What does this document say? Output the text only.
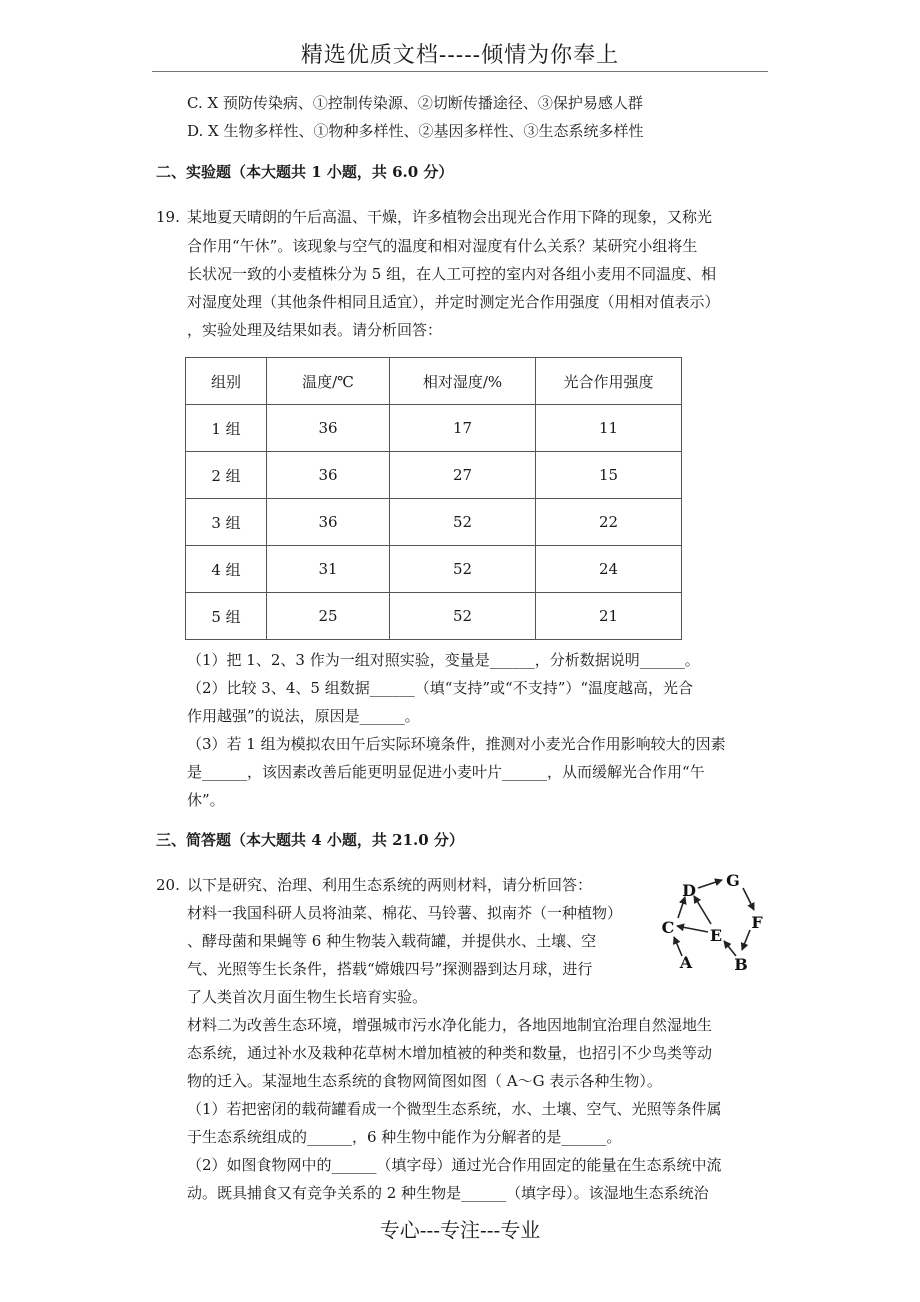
精选优质文档-----倾情为你奉上
C. X 预防传染病、①控制传染源、②切断传播途径、③保护易感人群
D. X 生物多样性、①物种多样性、②基因多样性、③生态系统多样性
二、实验题（本大题共 1 小题，共 6.0 分）
19. 某地夏天晴朗的午后高温、干燥，许多植物会出现光合作用下降的现象，又称光
合作用“午休”。该现象与空气的温度和相对湿度有什么关系？某研究小组将生
长状况一致的小麦植株分为 5 组，在人工可控的室内对各组小麦用不同温度、相
对湿度处理（其他条件相同且适宜），并定时测定光合作用强度（用相对值表示）
，实验处理及结果如表。请分析回答：
组别	温度/℃	相对湿度/%	光合作用强度
1 组	36	17	11
2 组	36	27	15
3 组	36	52	22
4 组	31	52	24
5 组	25	52	21
（1）把 1、2、3 作为一组对照实验，变量是______，分析数据说明______。
（2）比较 3、4、5 组数据______（填“支持”或“不支持”）“温度越高，光合
作用越强”的说法，原因是______。
（3）若 1 组为模拟农田午后实际环境条件，推测对小麦光合作用影响较大的因素
是______，该因素改善后能更明显促进小麦叶片______，从而缓解光合作用“午
休”。
三、简答题（本大题共 4 小题，共 21.0 分）
20. 以下是研究、治理、利用生态系统的两则材料，请分析回答：
材料一我国科研人员将油菜、棉花、马铃薯、拟南芥（一种植物）
、酵母菌和果蝇等 6 种生物装入载荷罐，并提供水、土壤、空
气、光照等生长条件，搭载“嫦娥四号”探测器到达月球，进行
了人类首次月面生物生长培育实验。
材料二为改善生态环境，增强城市污水净化能力，各地因地制宜治理自然湿地生
态系统，通过补水及栽种花草树木增加植被的种类和数量，也招引不少鸟类等动
物的迁入。某湿地生态系统的食物网简图如图（ A～G 表示各种生物）。
（1）若把密闭的载荷罐看成一个微型生态系统，水、土壤、空气、光照等条件属
于生态系统组成的______，6 种生物中能作为分解者的是______。
（2）如图食物网中的______（填字母）通过光合作用固定的能量在生态系统中流
动。既具捕食又有竞争关系的 2 种生物是______（填字母）。该湿地生态系统治
A	B
C
D
E
F
G
专心---专注---专业
